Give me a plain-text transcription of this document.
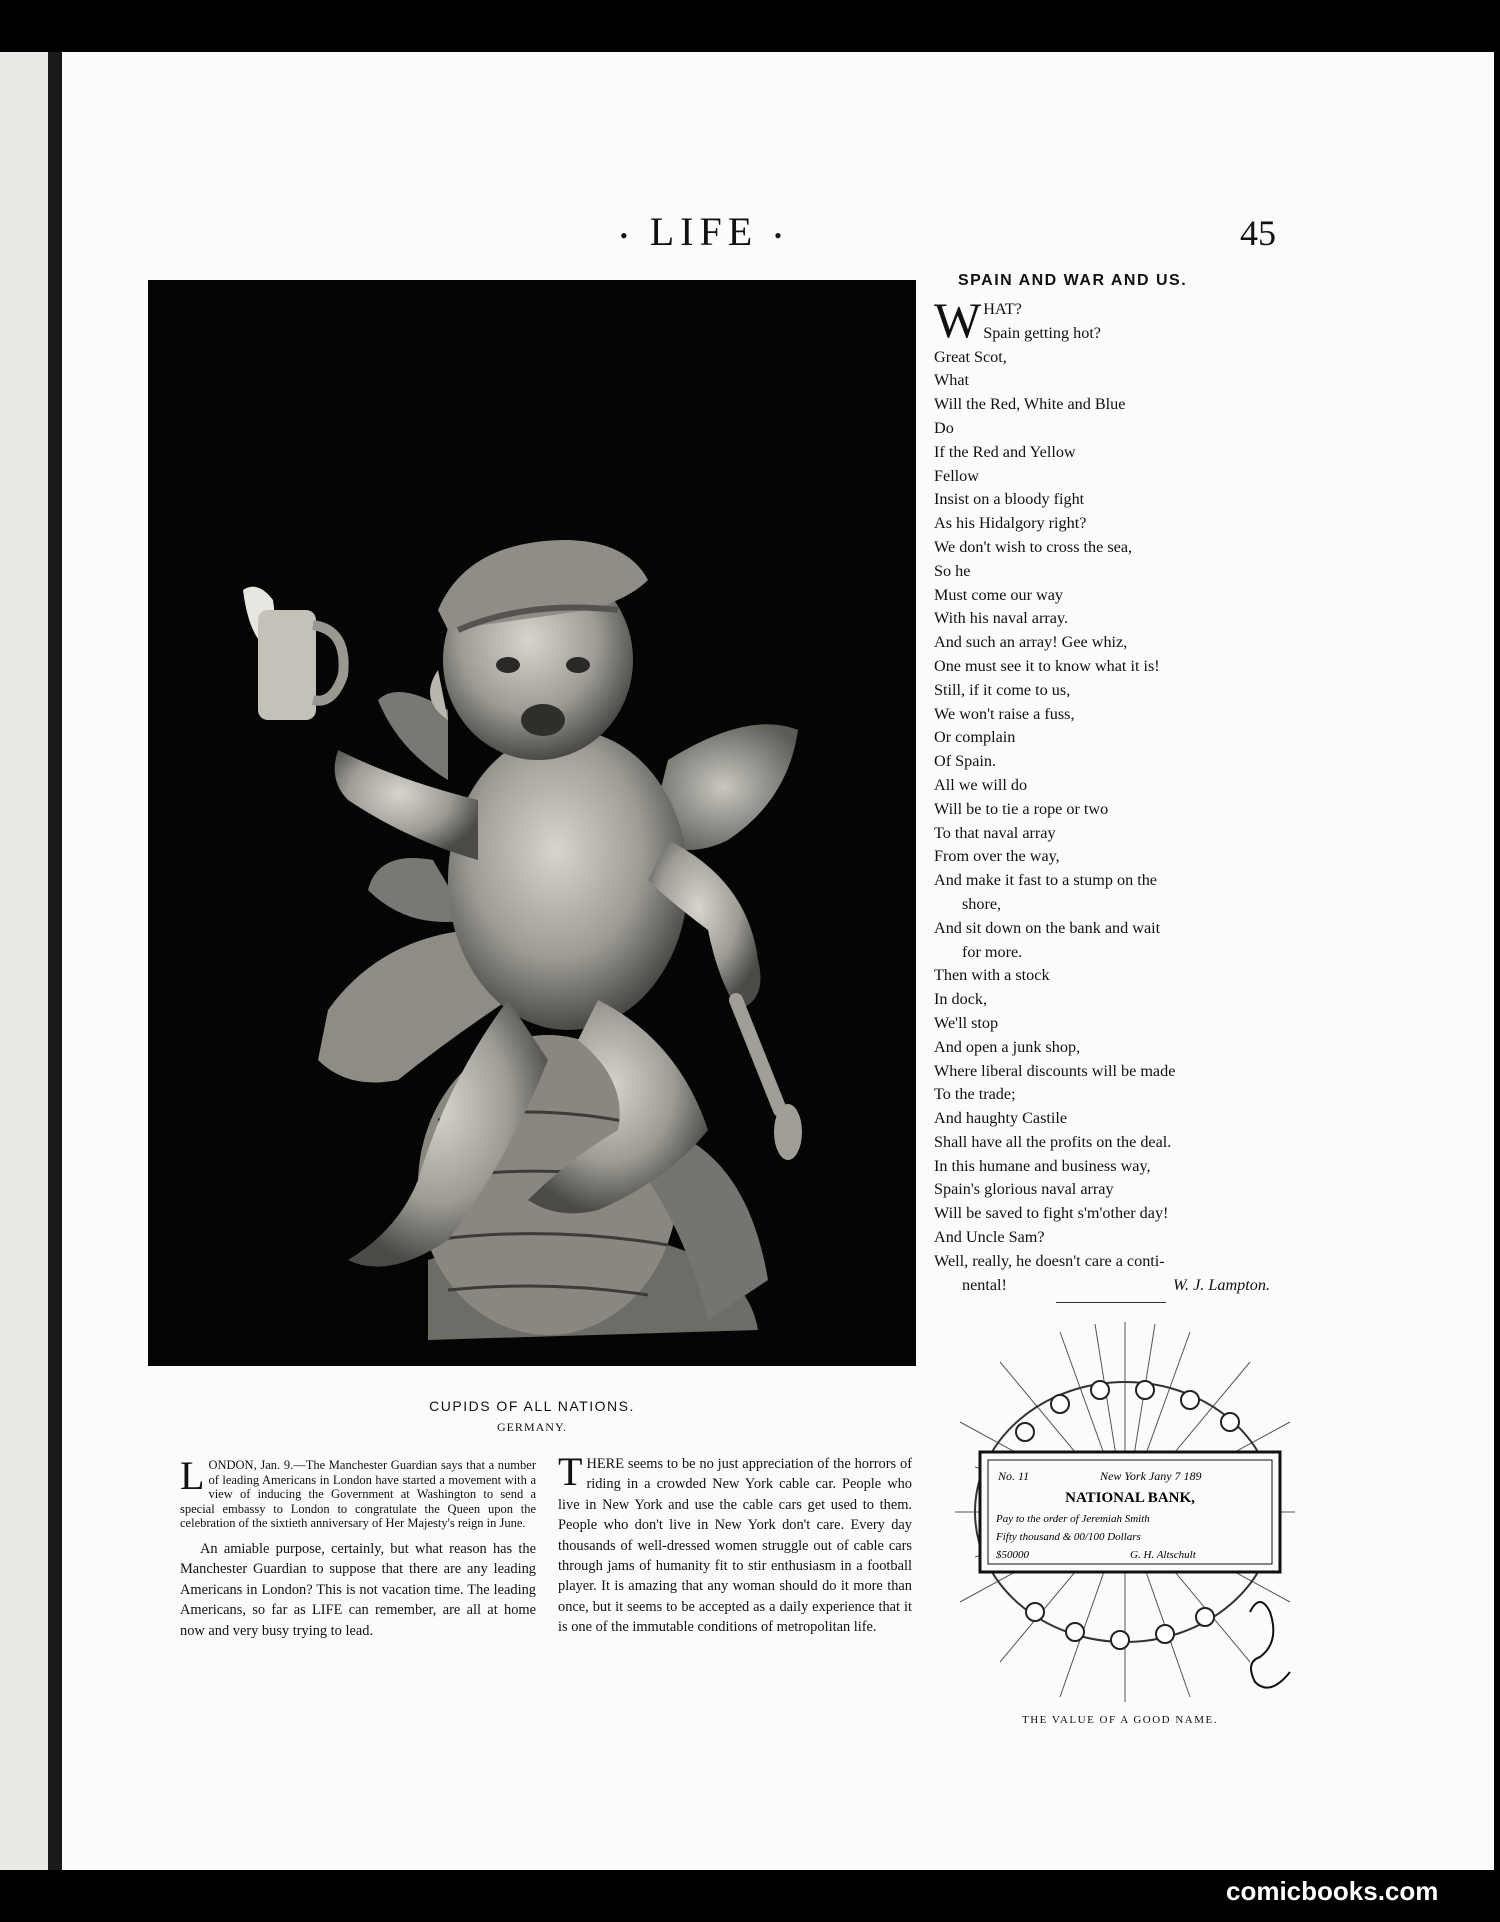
• LIFE •	45
CUPIDS OF ALL NATIONS.
GERMANY.

LONDON, Jan. 9.—The Manchester Guardian says that a number of leading Americans in London have started a movement with a view of inducing the Government at Washington to send a special embassy to London to congratulate the Queen upon the celebration of the sixtieth anniversary of Her Majesty's reign in June.

An amiable purpose, certainly, but what reason has the Manchester Guardian to suppose that there are any leading Americans in London? This is not vacation time. The leading Americans, so far as LIFE can remember, are all at home now and very busy trying to lead.

THERE seems to be no just appreciation of the horrors of riding in a crowded New York cable car. People who live in New York and use the cable cars get used to them. People who don't live in New York don't care. Every day thousands of well-dressed women struggle out of cable cars through jams of humanity fit to stir enthusiasm in a football player. It is amazing that any woman should do it more than once, but it seems to be accepted as a daily experience that it is one of the immutable conditions of metropolitan life.

SPAIN AND WAR AND US.
WHAT?
Spain getting hot?
Great Scot,
What
Will the Red, White and Blue
Do
If the Red and Yellow
Fellow
Insist on a bloody fight
As his Hidalgory right?
We don't wish to cross the sea,
So he
Must come our way
With his naval array.
And such an array! Gee whiz,
One must see it to know what it is!
Still, if it come to us,
We won't raise a fuss,
Or complain
Of Spain.
All we will do
Will be to tie a rope or two
To that naval array
From over the way,
And make it fast to a stump on the
shore,
And sit down on the bank and wait
for more.
Then with a stock
In dock,
We'll stop
And open a junk shop,
Where liberal discounts will be made
To the trade;
And haughty Castile
Shall have all the profits on the deal.
In this humane and business way,
Spain's glorious naval array
Will be saved to fight s'm'other day!
And Uncle Sam?
Well, really, he doesn't care a conti-
nental!	W. J. Lampton.
No. 11	New York Jany 7 189
NATIONAL BANK,
Pay to the order of Jeremiah Smith
Fifty thousand & 00/100 Dollars
$50000	G. H. Altschult
THE VALUE OF A GOOD NAME.
comicbooks.com
